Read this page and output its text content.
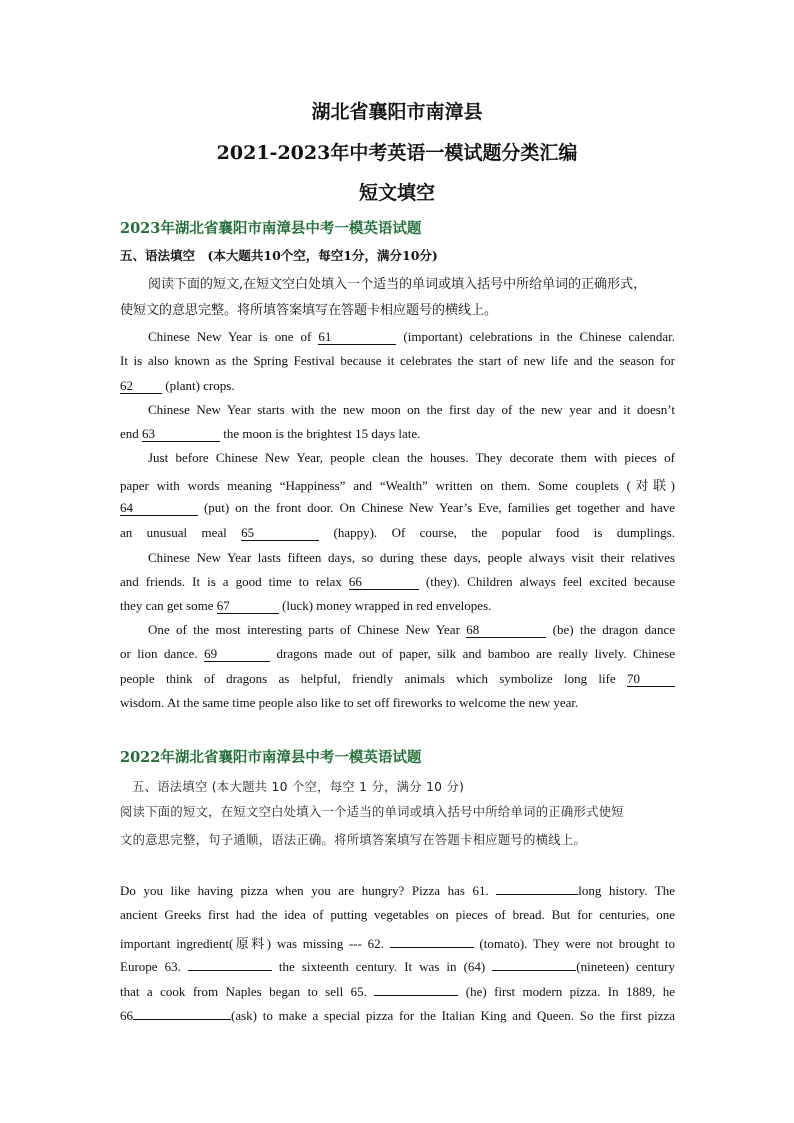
湖北省襄阳市南漳县
2021-2023年中考英语一模试题分类汇编
短文填空
2023年湖北省襄阳市南漳县中考一模英语试题
五、语法填空　(本大题共10个空，每空1分，满分10分)
阅读下面的短文,在短文空白处填入一个适当的单词或填入括号中所给单词的正确形式，
使短文的意思完整。将所填答案填写在答题卡相应题号的横线上。
Chinese New Year is one of 61	(important) celebrations in the Chinese calendar.
It is also known as the Spring Festival because it celebrates the start of new life and the season for
62 (plant) crops.
Chinese New Year starts with the new moon on the first day of the new year and it doesn’t
end 63	the moon is the brightest 15 days late.
Just before Chinese New Year, people clean the houses. They decorate them with pieces of
paper with words meaning “Happiness” and “Wealth” written on them. Some couplets (对联)
64	(put) on the front door. On Chinese New Year’s Eve, families get together and have
an unusual meal 65	(happy). Of course, the popular food is dumplings.
Chinese New Year lasts fifteen days, so during these days, people always visit their relatives
and friends. It is a good time to relax 66	(they). Children always feel excited because
they can get some 67	(luck) money wrapped in red envelopes.
One of the most interesting parts of Chinese New Year 68	(be) the dragon dance
or lion dance. 69	dragons made out of paper, silk and bamboo are really lively. Chinese
people think of dragons as helpful, friendly animals which symbolize long life 70
wisdom. At the same time people also like to set off fireworks to welcome the new year.
2022年湖北省襄阳市南漳县中考一模英语试题
五、语法填空 (本大题共 10 个空，每空 1 分，满分 10 分)
阅读下面的短文，在短文空白处填入一个适当的单词或填入括号中所给单词的正确形式使短
文的意思完整，句子通顺，语法正确。将所填答案填写在答题卡相应题号的横线上。
Do you like having pizza when you are hungry? Pizza has 61.	long history. The
ancient Greeks first had the idea of putting vegetables on pieces of bread. But for centuries, one
important ingredient(原料) was missing --- 62.	(tomato). They were not brought to
Europe 63.	the sixteenth century. It was in (64)	(nineteen) century
that a cook from Naples began to sell 65.	(he) first modern pizza. In 1889, he
66	(ask) to make a special pizza for the Italian King and Queen. So the first pizza
